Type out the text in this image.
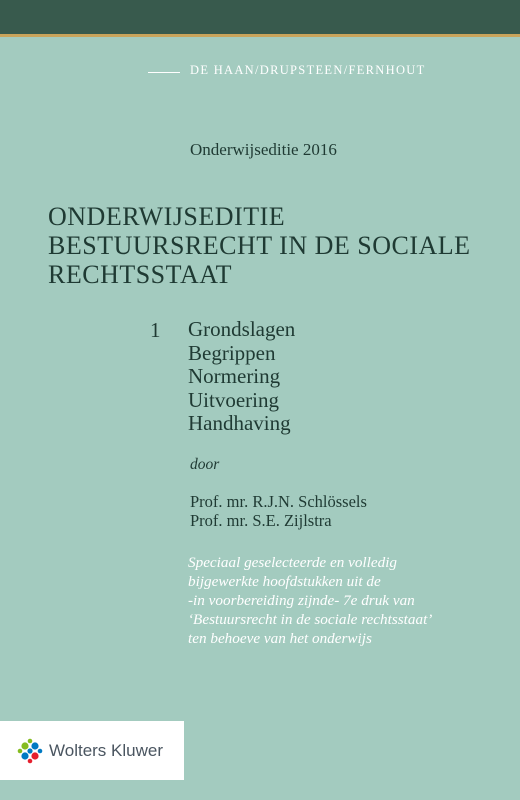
DE HAAN/DRUPSTEEN/FERNHOUT
Onderwijseditie 2016
ONDERWIJSEDITIE
BESTUURSRECHT IN DE SOCIALE
RECHTSSTAAT
1 Grondslagen
Begrippen
Normering
Uitvoering
Handhaving
door
Prof. mr. R.J.N. Schlössels
Prof. mr. S.E. Zijlstra
Speciaal geselecteerde en volledig
bijgewerkte hoofdstukken uit de
-in voorbereiding zijnde- 7e druk van
‘Bestuursrecht in de sociale rechtsstaat’
ten behoeve van het onderwijs
Wolters Kluwer
